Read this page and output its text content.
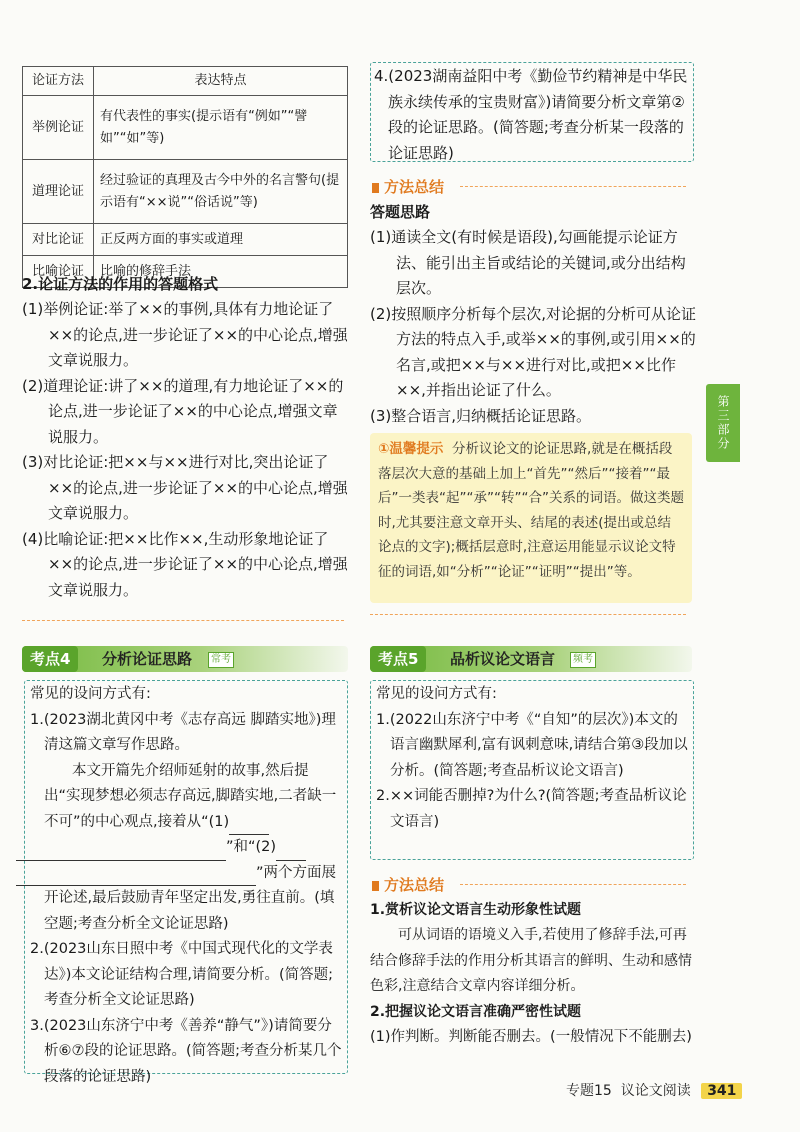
论证方法	表达特点
举例论证	有代表性的事实(提示语有“例如”“譬如”“如”等)
道理论证	经过验证的真理及古今中外的名言警句(提示语有“××说”“俗话说”等)
对比论证	正反两方面的事实或道理
比喻论证	比喻的修辞手法

2.论证方法的作用的答题格式

(1)举例论证:举了××的事例,具体有力地论证了××的论点,进一步论证了××的中心论点,增强文章说服力。

(2)道理论证:讲了××的道理,有力地论证了××的论点,进一步论证了××的中心论点,增强文章说服力。

(3)对比论证:把××与××进行对比,突出论证了××的论点,进一步论证了××的中心论点,增强文章说服力。

(4)比喻论证:把××比作××,生动形象地论证了××的论点,进一步论证了××的中心论点,增强文章说服力。

考点4	分析论证思路	常考

常见的设问方式有:

1.(2023湖北黄冈中考《志存高远 脚踏实地》)理清这篇文章写作思路。

本文开篇先介绍师延射的故事,然后提出“实现梦想必须志存高远,脚踏实地,二者缺一不可”的中心观点,接着从“(1)
”和“(2)
”两个方面展开论述,最后鼓励青年坚定出发,勇往直前。(填空题;考查分析全文论证思路)

2.(2023山东日照中考《中国式现代化的文学表达》)本文论证结构合理,请简要分析。(简答题;考查分析全文论证思路)

3.(2023山东济宁中考《善养“静气”》)请简要分析⑥⑦段的论证思路。(简答题;考查分析某几个段落的论证思路)

4.(2023湖南益阳中考《勤俭节约精神是中华民族永续传承的宝贵财富》)请简要分析文章第②段的论证思路。(简答题;考查分析某一段落的论证思路)

方法总结

答题思路

(1)通读全文(有时候是语段),勾画能提示论证方法、能引出主旨或结论的关键词,或分出结构层次。

(2)按照顺序分析每个层次,对论据的分析可从论证方法的特点入手,或举××的事例,或引用××的名言,或把××与××进行对比,或把××比作××,并指出论证了什么。

(3)整合语言,归纳概括论证思路。

①温馨提示 分析议论文的论证思路,就是在概括段落层次大意的基础上加上“首先”“然后”“接着”“最后”一类表“起”“承”“转”“合”关系的词语。做这类题时,尤其要注意文章开头、结尾的表述(提出或总结论点的文字);概括层意时,注意运用能显示议论文特征的词语,如“分析”“论证”“证明”“提出”等。
考点5	品析议论文语言	频考

常见的设问方式有:

1.(2022山东济宁中考《“自知”的层次》)本文的语言幽默犀利,富有讽刺意味,请结合第③段加以分析。(简答题;考查品析议论文语言)

2.××词能否删掉?为什么?(简答题;考查品析议论文语言)

方法总结

1.赏析议论文语言生动形象性试题

可从词语的语境义入手,若使用了修辞手法,可再结合修辞手法的作用分析其语言的鲜明、生动和感情色彩,注意结合文章内容详细分析。

2.把握议论文语言准确严密性试题

(1)作判断。判断能否删去。(一般情况下不能删去)

第三部分
专题15 议论文阅读 341
